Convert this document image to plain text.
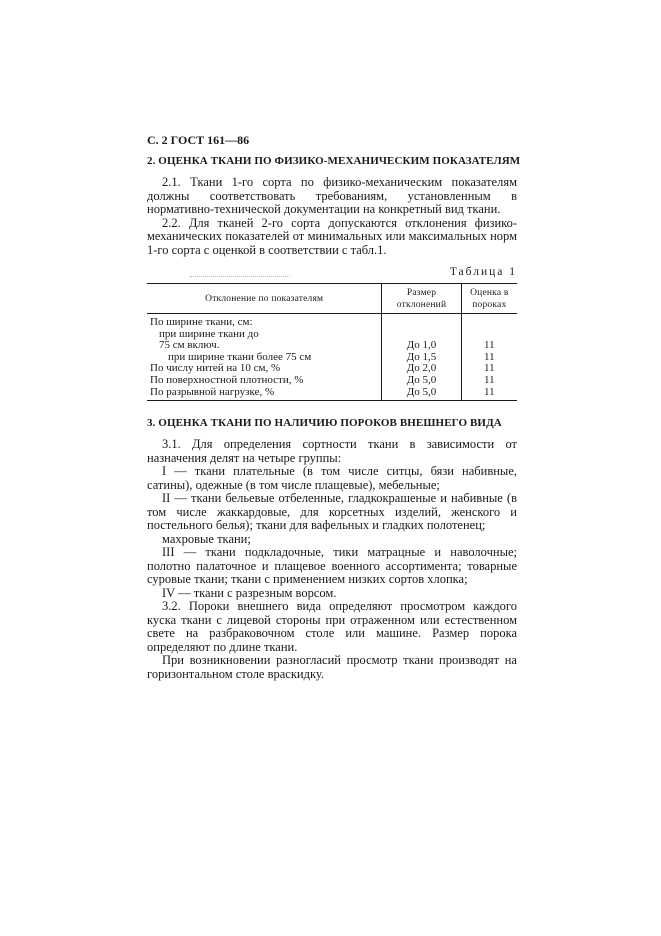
С. 2 ГОСТ 161—86
2. ОЦЕНКА ТКАНИ ПО ФИЗИКО-МЕХАНИЧЕСКИМ ПОКАЗАТЕЛЯМ

2.1. Ткани 1-го сорта по физико-механическим показателям должны соответствовать требованиям, установленным в нормативно-технической документации на конкретный вид ткани.

2.2. Для тканей 2-го сорта допускаются отклонения физико-механических показателей от минимальных или максимальных норм 1-го сорта с оценкой в соответствии с табл.1.

Таблица 1
Отклонение по показателям	Размер отклонений	Оценка в пороках
По ширине ткани, см:		
при ширине ткани до		
75 см включ.	До 1,0	11
при ширине ткани более 75 см	До 1,5	11
По числу нитей на 10 см, %	До 2,0	11
По поверхностной плотности, %	До 5,0	11
По разрывной нагрузке, %	До 5,0	11
3. ОЦЕНКА ТКАНИ ПО НАЛИЧИЮ ПОРОКОВ ВНЕШНЕГО ВИДА

3.1. Для определения сортности ткани в зависимости от назначения делят на четыре группы:

I — ткани плательные (в том числе ситцы, бязи набивные, сатины), одежные (в том числе плащевые), мебельные;

II — ткани бельевые отбеленные, гладкокрашеные и набивные (в том числе жаккардовые, для корсетных изделий, женского и постельного белья); ткани для вафельных и гладких полотенец;

махровые ткани;

III — ткани подкладочные, тики матрацные и наволочные; полотно палаточное и плащевое военного ассортимента; товарные суровые ткани; ткани с применением низких сортов хлопка;

IV — ткани с разрезным ворсом.

3.2. Пороки внешнего вида определяют просмотром каждого куска ткани с лицевой стороны при отраженном или естественном свете на разбраковочном столе или машине. Размер порока определяют по длине ткани.

При возникновении разногласий просмотр ткани производят на горизонтальном столе враскидку.
